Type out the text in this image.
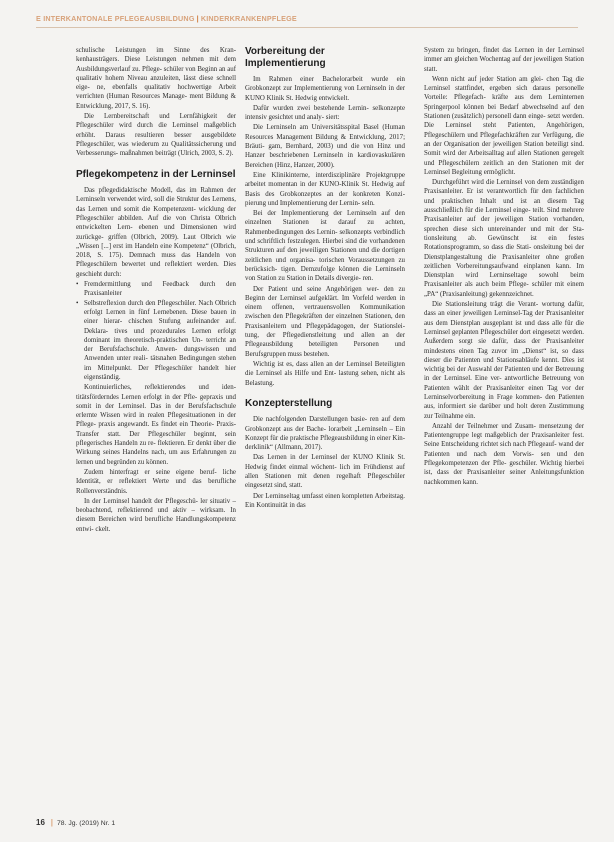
E INTERKANTONALE PFLEGEAUSBILDUNG | KINDERKRANKENPFLEGE

schulische Leistungen im Sinne des Kran- kenhausträgers. Diese Leistungen nehmen mit dem Ausbildungsverlauf zu. Pflege- schüler von Beginn an auf qualitativ hohem Niveau anzuleiten, lässt diese schnell eige- ne, ebenfalls qualitativ hochwertige Arbeit verrichten (Human Resources Manage- ment Bildung & Entwicklung, 2017, S. 16).

Die Lernbereitschaft und Lernfähigkeit der Pflegeschüler wird durch die Lerninsel maßgeblich erhöht. Daraus resultieren besser ausgebildete Pflegeschüler, was wiederum zu Qualitätssicherung und Verbesserungs- maßnahmen beiträgt (Ulrich, 2003, S. 2).

Pflegekompetenz in der Lerninsel

Das pflegedidaktische Modell, das im Rahmen der Lerninseln verwendet wird, soll die Struktur des Lernens, das Lernen und somit die Kompetenzent- wicklung der Pflegeschüler abbilden. Auf die von Christa Olbrich entwickelten Lern- ebenen und Dimensionen wird zurückge- griffen (Olbrich, 2009). Laut Olbrich wie „Wissen [...] erst im Handeln eine Kompetenz“ (Olbrich, 2018, S. 175). Demnach muss das Handeln von Pflegeschülern bewertet und reflektiert werden. Dies geschieht durch:

• Fremdermittlung und Feedback durch den Praxisanleiter
• Selbstreflexion durch den Pflegeschüler. Nach Olbrich erfolgt Lernen in fünf Lernebenen. Diese bauen in einer hierar- chischen Stufung aufeinander auf. Deklara- tives und prozedurales Lernen erfolgt dominant im theoretisch-praktischen Un- terricht an der Berufsfachschule. Anwen- dungswissen und Anwenden unter reali- tätsnahen Bedingungen stehen im Mittelpunkt. Der Pflegeschüler handelt hier eigenständig.

Kontinuierliches, reflektierendes und iden- titätsförderndes Lernen erfolgt in der Pfle- gepraxis und somit in der Lerninsel. Das in der Berufsfachschule erlernte Wissen wird in realen Pflegesituationen in der Pflege- praxis angewandt. Es findet ein Theorie- Praxis-Transfer statt. Der Pflegeschüler beginnt, sein pflegerisches Handeln zu re- flektieren. Er denkt über die Wirkung seines Handelns nach, um aus Erfahrungen zu lernen und begründen zu können.

Zudem hinterfragt er seine eigene beruf- liche Identität, er reflektiert Werte und das berufliche Rollenverständnis.

In der Lerninsel handelt der Pflegeschü- ler situativ – beobachtend, reflektierend und aktiv – wirksam. In diesem Bereichen wird berufliche Handlungskompetenz entwi- ckelt.

Vorbereitung der Implementierung

Im Rahmen einer Bachelorarbeit wurde ein Grobkonzept zur Implementierung von Lerninseln in der KUNO Klinik St. Hedwig entwickelt.

Dafür wurden zwei bestehende Lernin- selkonzepte intensiv gesichtet und analy- siert:

Die Lerninseln am Universitätsspital Basel (Human Resources Management Bildung & Entwicklung, 2017; Bräuti- gam, Bernhard, 2003) und die von Hinz und Hanzer beschriebenen Lerninseln in kardiovaskulären Bereichen (Hinz, Hanzer, 2000).

Eine Klinikinterne, interdisziplinäre Projektgruppe arbeitet momentan in der KUNO-Klinik St. Hedwig auf Basis des Grobkonzeptes an der konkreten Konzi- pierung und Implementierung der Lernin- seln.

Bei der Implementierung der Lerninseln auf den einzelnen Stationen ist darauf zu achten, Rahmenbedingungen des Lernin- selkonzepts verbindlich und schriftlich festzulegen. Hierbei sind die vorhandenen Strukturen auf den jeweiligen Stationen und die dortigen zeitlichen und organisa- torischen Voraussetzungen zu berücksich- tigen. Demzufolge können die Lerninseln von Station zu Station in Details divergie- ren.

Der Patient und seine Angehörigen wer- den zu Beginn der Lerninsel aufgeklärt. Im Vorfeld werden in einem offenen, vertrauensvollen Kommunikation zwischen den Pflegekräften der einzelnen Stationen, den Praxisanleitern und Pflegepädagogen, der Stationslei- tung, der Pflegedienstleitung und allen an der Pflegeausbildung beteiligten Personen und Berufsgruppen muss bestehen.

Wichtig ist es, dass allen an der Lerninsel Beteiligten die Lerninsel als Hilfe und Ent- lastung sehen, nicht als Belastung.

Konzepterstellung

Die nachfolgenden Darstellungen basie- ren auf dem Grobkonzept aus der Bache- lorarbeit „Lerninseln – Ein Konzept für die praktische Pflegeausbildung in einer Kin- derklinik“ (Allmann, 2017).

Das Lernen in der Lerninsel der KUNO Klinik St. Hedwig findet einmal wöchent- lich im Frühdienst auf allen Stationen mit denen regelhaft Pflegeschüler eingesetzt sind, statt.

Der Lerninseltag umfasst einen kompletten Arbeitstag. Ein Kontinuität in das

System zu bringen, findet das Lernen in der Lerninsel immer am gleichen Wochentag auf der jeweiligen Station statt.

Wenn nicht auf jeder Station am glei- chen Tag die Lerninsel stattfindet, ergeben sich daraus personelle Vorteile: Pflegefach- kräfte aus dem Lerninternen Springerpool können bei Bedarf abwechselnd auf den Stationen (zusätzlich) personell dann einge- setzt werden. Die Lerninsel steht Patienten, Angehörigen, Pflegeschülern und Pflegefachkräften zur Verfügung, die an der Organisation der jeweiligen Station beteiligt sind. Somit wird der Arbeitsalltag auf allen Stationen geregelt und Pflegeschülern zeitlich an den Stationen mit der Lerninsel Begleitung ermöglicht.

Durchgeführt wird die Lerninsel von dem zuständigen Praxisanleiter. Er ist verantwortlich für den fachlichen und praktischen Inhalt und ist an diesem Tag ausschließlich für die Lerninsel einge- teilt. Sind mehrere Praxisanleiter auf der jeweiligen Station vorhanden, sprechen diese sich untereinander und mit der Sta- tionsleitung ab. Gewünscht ist ein festes Rotationsprogramm, so dass die Stati- onsleitung bei der Dienstplangestaltung die Praxisanleiter ohne großen zeitlichen Vorbereitungsaufwand einplanen kann. Im Dienstplan wird Lerninseltage sowohl beim Praxisanleiter als auch beim Pflege- schüler mit einem „PA“ (Praxisanleitung) gekennzeichnet.

Die Stationsleitung trägt die Verant- wortung dafür, dass an einer jeweiligen Lerninsel-Tag der Praxisanleiter aus dem Dienstplan ausgeplant ist und dass alle für die Lerninsel geplanten Pflegeschüler dort eingesetzt werden. Außerdem sorgt sie dafür, dass der Praxisanleiter mindestens einen Tag zuvor im „Dienst“ ist, so dass dieser die Patienten und Stationsabläufe kennt. Dies ist wichtig bei der Auswahl der Patienten und der Betreuung in der Lerninsel. Eine ver- antwortliche Betreuung von Patienten wählt der Praxisanleiter einen Tag vor der Lerninselvorbereitung in Frage kommen- den Patienten aus, informiert sie darüber und holt deren Zustimmung zur Teilnahme ein.

Anzahl der Teilnehmer und Zusam- mensetzung der Patientengruppe legt maßgeblich der Praxisanleiter fest. Seine Entscheidung richtet sich nach Pflegeauf- wand der Patienten und nach dem Vorwis- sen und den Pflegekompetenzen der Pfle- geschüler. Wichtig hierbei ist, dass der Praxisanleiter seiner Anleitungsfunktion nachkommen kann.

16 | 78. Jg. (2019) Nr. 1
